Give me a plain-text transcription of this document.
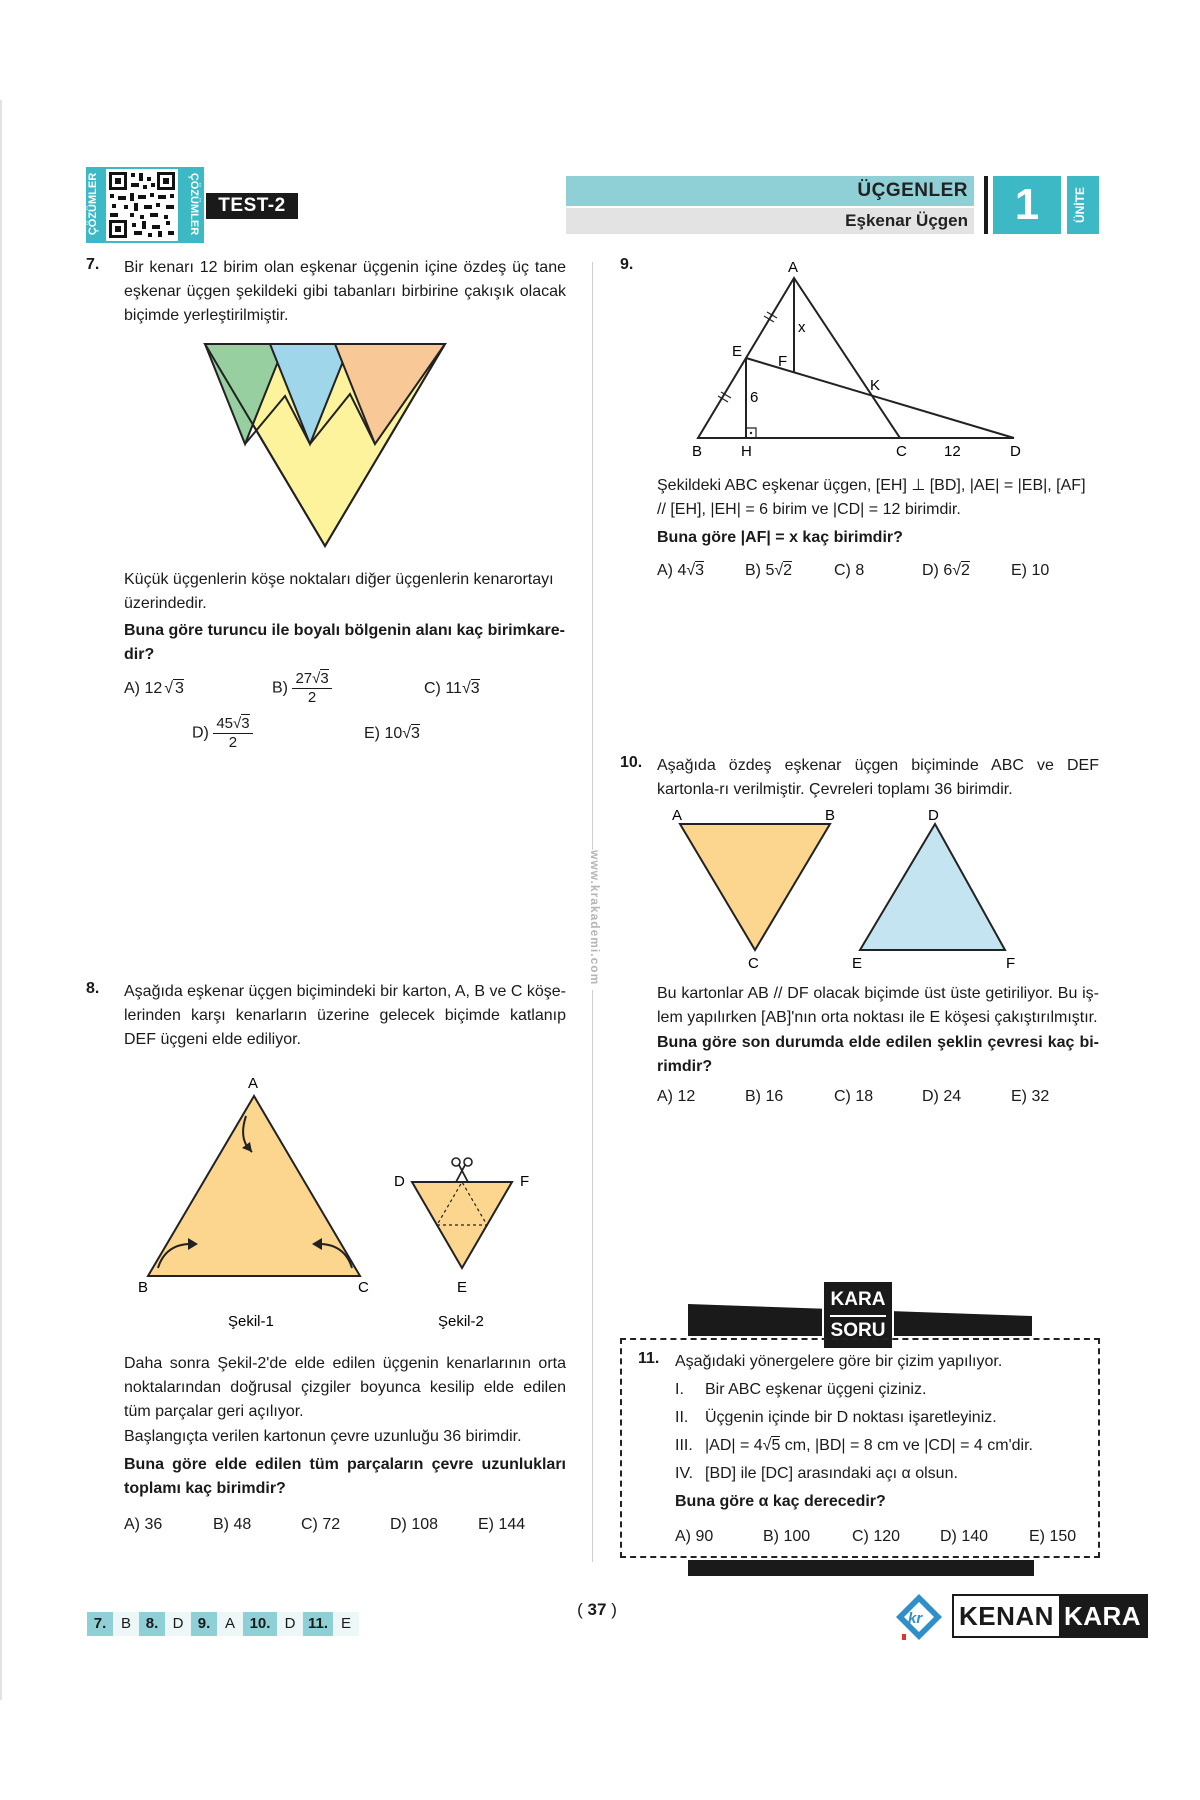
ÇÖZÜMLER	ÇÖZÜMLER TEST-2
ÜÇGENLER
Eşkenar Üçgen	1	ÜNİTE
www.krakademi.com
7. Bir kenarı 12 birim olan eşkenar üçgenin içine özdeş üç tane eşkenar üçgen şekildeki gibi tabanları birbirine çakışık olacak biçimde yerleştirilmiştir.
Küçük üçgenlerin köşe noktaları diğer üçgenlerin kenarortayı üzerindedir.
Buna göre turuncu ile boyalı bölgenin alanı kaç birimkare-dir?
A) 12 √ 3	$B) \frac{27√3}{2}$	C) 11√3
$D) \frac{45√3}{2}$	E) 10√3
8. Aşağıda eşkenar üçgen biçimindeki bir karton, A, B ve C köşe-lerinden karşı kenarların üzerine gelecek biçimde katlanıp DEF üçgeni elde ediliyor.
A
B	C
D	F
E
Şekil-1	Şekil-2
Daha sonra Şekil-2'de elde edilen üçgenin kenarlarının orta noktalarından doğrusal çizgiler boyunca kesilip elde edilen tüm parçalar geri açılıyor.
Başlangıçta verilen kartonun çevre uzunluğu 36 birimdir.
Buna göre elde edilen tüm parçaların çevre uzunlukları toplamı kaç birimdir?
A) 36	B) 48	C) 72	D) 108 E) 144
9.	A
B	C	D
E
F
H
K
x
6
12
Şekildeki ABC eşkenar üçgen, [EH] ⊥ [BD], |AE| = |EB|, [AF] // [EH], |EH| = 6 birim ve |CD| = 12 birimdir.
Buna göre |AF| = x kaç birimdir?
A) 4√3	B) 5√2	C) 8	D) 6√2	E) 10
10. Aşağıda özdeş eşkenar üçgen biçiminde ABC ve DEF kartonla-rı verilmiştir. Çevreleri toplamı 36 birimdir.
A	B
C
D
E	F
Bu kartonlar AB // DF olacak biçimde üst üste getiriliyor. Bu iş-lem yapılırken [AB]'nın orta noktası ile E köşesi çakıştırılmıştır.
Buna göre son durumda elde edilen şeklin çevresi kaç bi-rimdir?
A) 12	B) 16	C) 18	D) 24	E) 32
KARA
SORU
11. Aşağıdaki yönergelere göre bir çizim yapılıyor.
I. Bir ABC eşkenar üçgeni çiziniz.
II. Üçgenin içinde bir D noktası işaretleyiniz.
III. |AD| = 4√5 cm, |BD| = 8 cm ve |CD| = 4 cm'dir.
IV. [BD] ile [DC] arasındaki açı α olsun.
Buna göre α kaç derecedir?
A) 90	B) 100	C) 120 D) 140	E) 150
7. B 8. D 9. A 10. D 11. E
( 37 )	kr KENAN KARA
